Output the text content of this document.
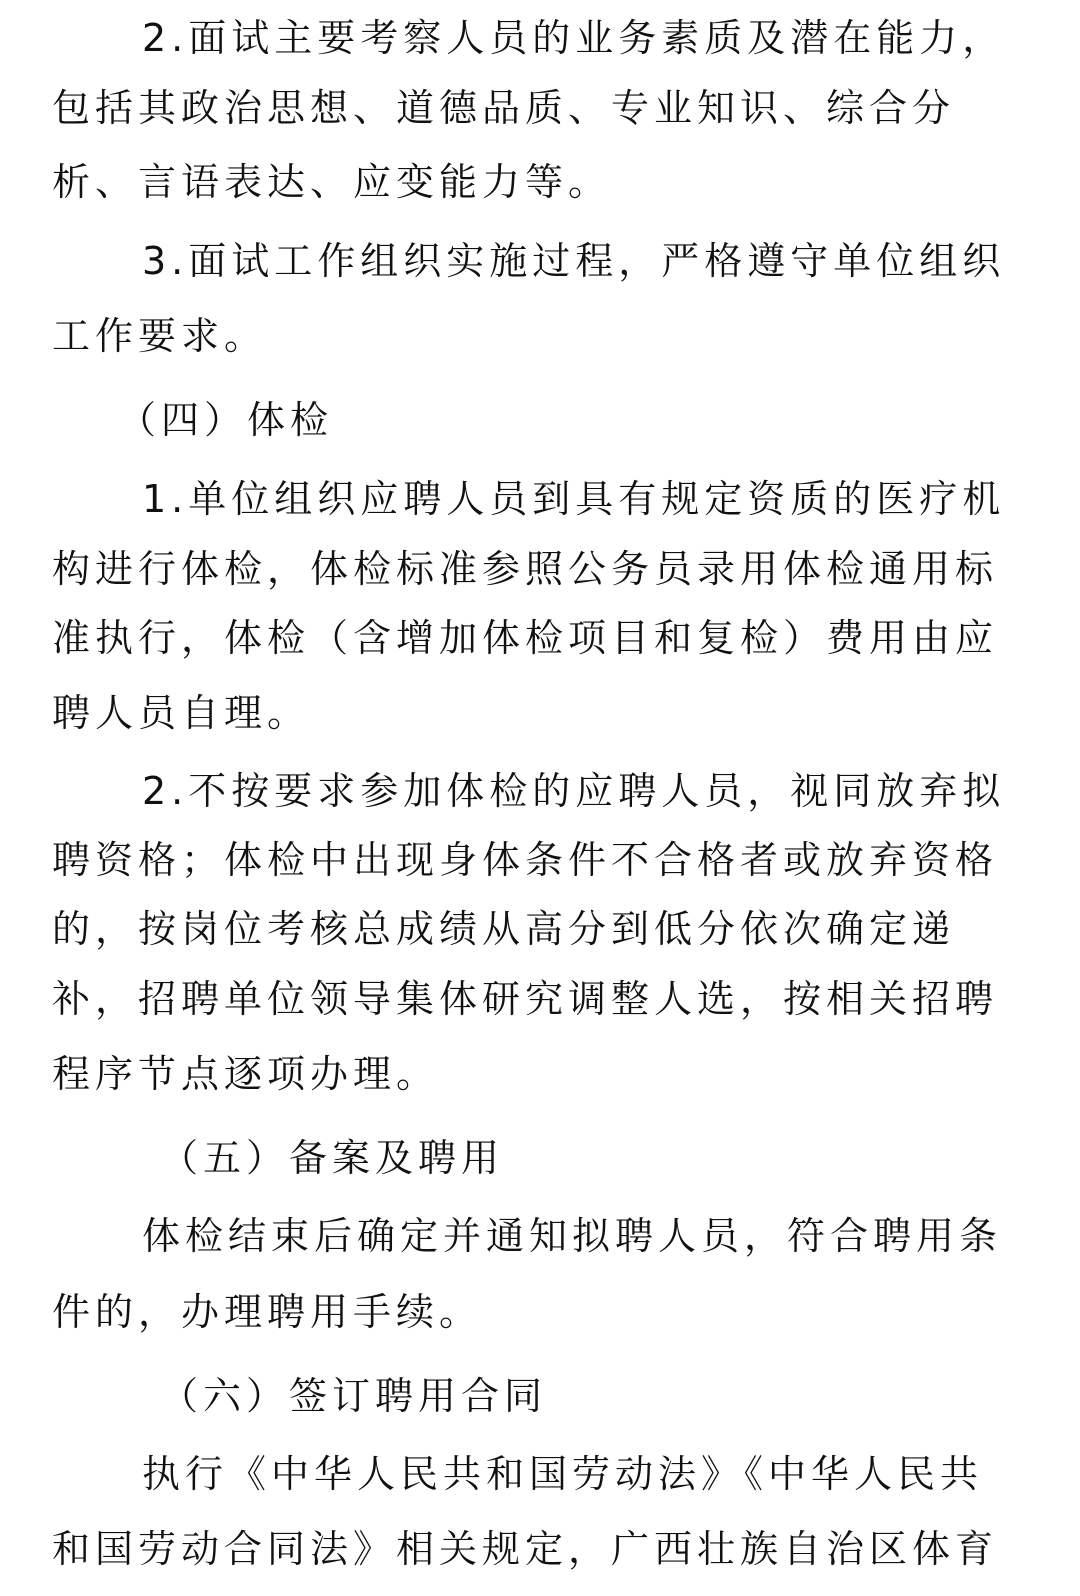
2.面试主要考察人员的业务素质及潜在能力，
包括其政治思想、道德品质、专业知识、综合分
析、言语表达、应变能力等。
3.面试工作组织实施过程，严格遵守单位组织
工作要求。
（四）体检
1.单位组织应聘人员到具有规定资质的医疗机
构进行体检，体检标准参照公务员录用体检通用标
准执行，体检（含增加体检项目和复检）费用由应
聘人员自理。
2.不按要求参加体检的应聘人员，视同放弃拟
聘资格；体检中出现身体条件不合格者或放弃资格
的，按岗位考核总成绩从高分到低分依次确定递
补，招聘单位领导集体研究调整人选，按相关招聘
程序节点逐项办理。
（五）备案及聘用
体检结束后确定并通知拟聘人员，符合聘用条
件的，办理聘用手续。
（六）签订聘用合同
执行《中华人民共和国劳动法》《中华人民共
和国劳动合同法》相关规定，广西壮族自治区体育
